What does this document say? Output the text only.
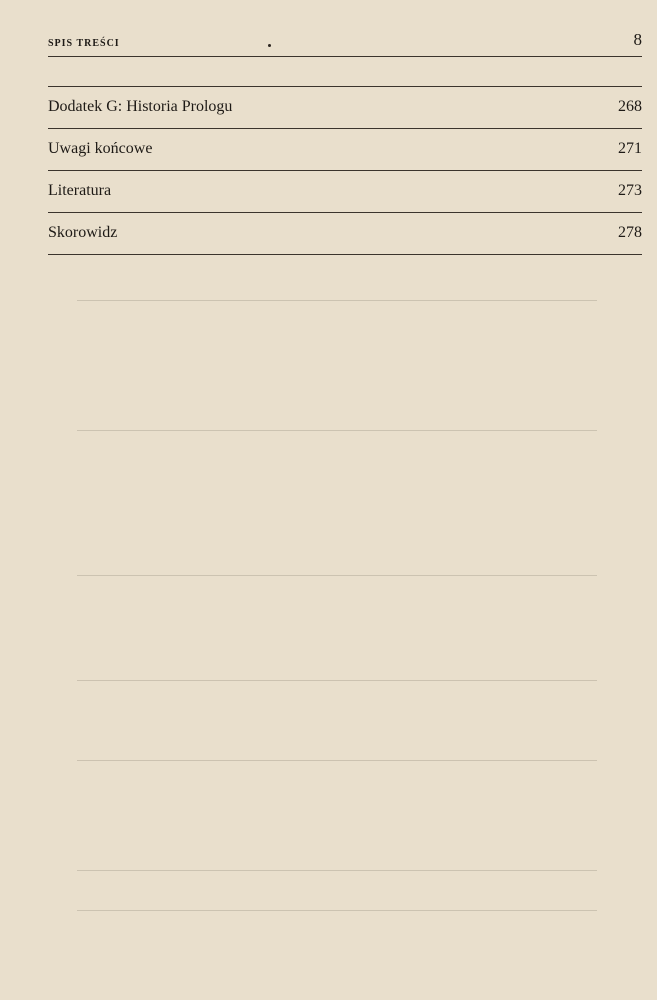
SPIS TREŚCI	8
Dodatek G: Historia Prologu	268
Uwagi końcowe	271
Literatura	273
Skorowidz	278
